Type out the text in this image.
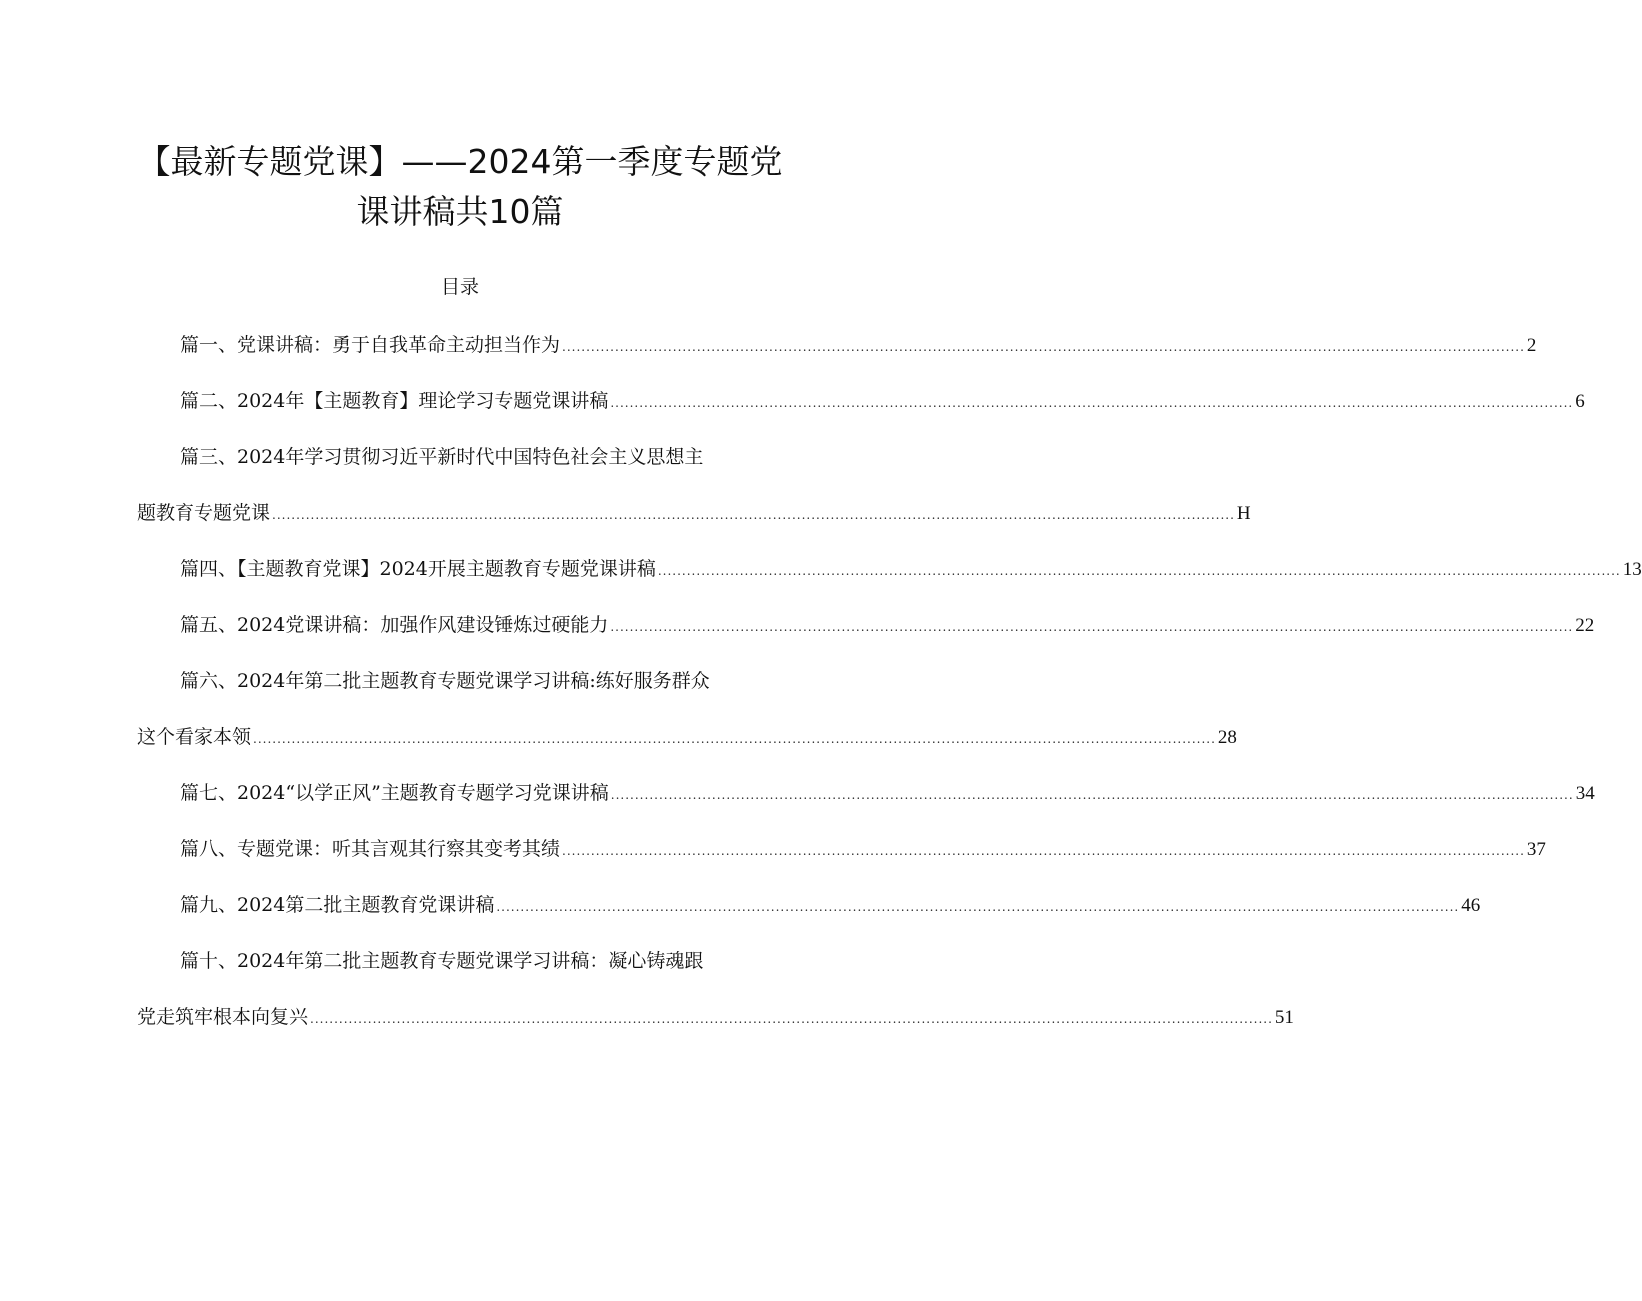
【最新专题党课】——2024第一季度专题党
课讲稿共10篇
目录
篇一、党课讲稿：勇于自我革命主动担当作为 ........................................................................................................................................................................................................ 2
篇二、2024年【主题教育】理论学习专题党课讲稿 ........................................................................................................................................................................................................ 6
篇三、2024年学习贯彻习近平新时代中国特色社会主义思想主
题教育专题党课 ........................................................................................................................................................................................................ H
篇四、【主题教育党课】2024开展主题教育专题党课讲稿 ........................................................................................................................................................................................................ 13
篇五、2024党课讲稿：加强作风建设锤炼过硬能力 ........................................................................................................................................................................................................ 22
篇六、2024年第二批主题教育专题党课学习讲稿:练好服务群众
这个看家本领 ........................................................................................................................................................................................................ 28
篇七、2024“以学正风”主题教育专题学习党课讲稿 ........................................................................................................................................................................................................ 34
篇八、专题党课：听其言观其行察其变考其绩 ........................................................................................................................................................................................................ 37
篇九、2024第二批主题教育党课讲稿 ........................................................................................................................................................................................................ 46
篇十、2024年第二批主题教育专题党课学习讲稿：凝心铸魂跟
党走筑牢根本向复兴 ........................................................................................................................................................................................................ 51
